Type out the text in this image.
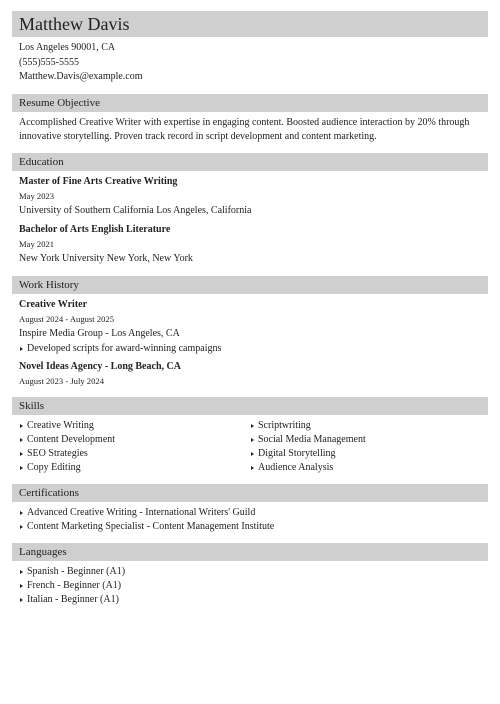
Matthew Davis
Los Angeles 90001, CA
(555)555-5555
Matthew.Davis@example.com
Resume Objective
Accomplished Creative Writer with expertise in engaging content. Boosted audience interaction by 20% through innovative storytelling. Proven track record in script development and content marketing.
Education
Master of Fine Arts Creative Writing
May 2023
University of Southern California Los Angeles, California
Bachelor of Arts English Literature
May 2021
New York University New York, New York
Work History
Creative Writer
August 2024 - August 2025
Inspire Media Group - Los Angeles, CA
Developed scripts for award-winning campaigns
Novel Ideas Agency - Long Beach, CA
August 2023 - July 2024
Skills
Creative Writing
Content Development
SEO Strategies
Copy Editing
Scriptwriting
Social Media Management
Digital Storytelling
Audience Analysis
Certifications
Advanced Creative Writing - International Writers' Guild
Content Marketing Specialist - Content Management Institute
Languages
Spanish - Beginner (A1)
French - Beginner (A1)
Italian - Beginner (A1)
